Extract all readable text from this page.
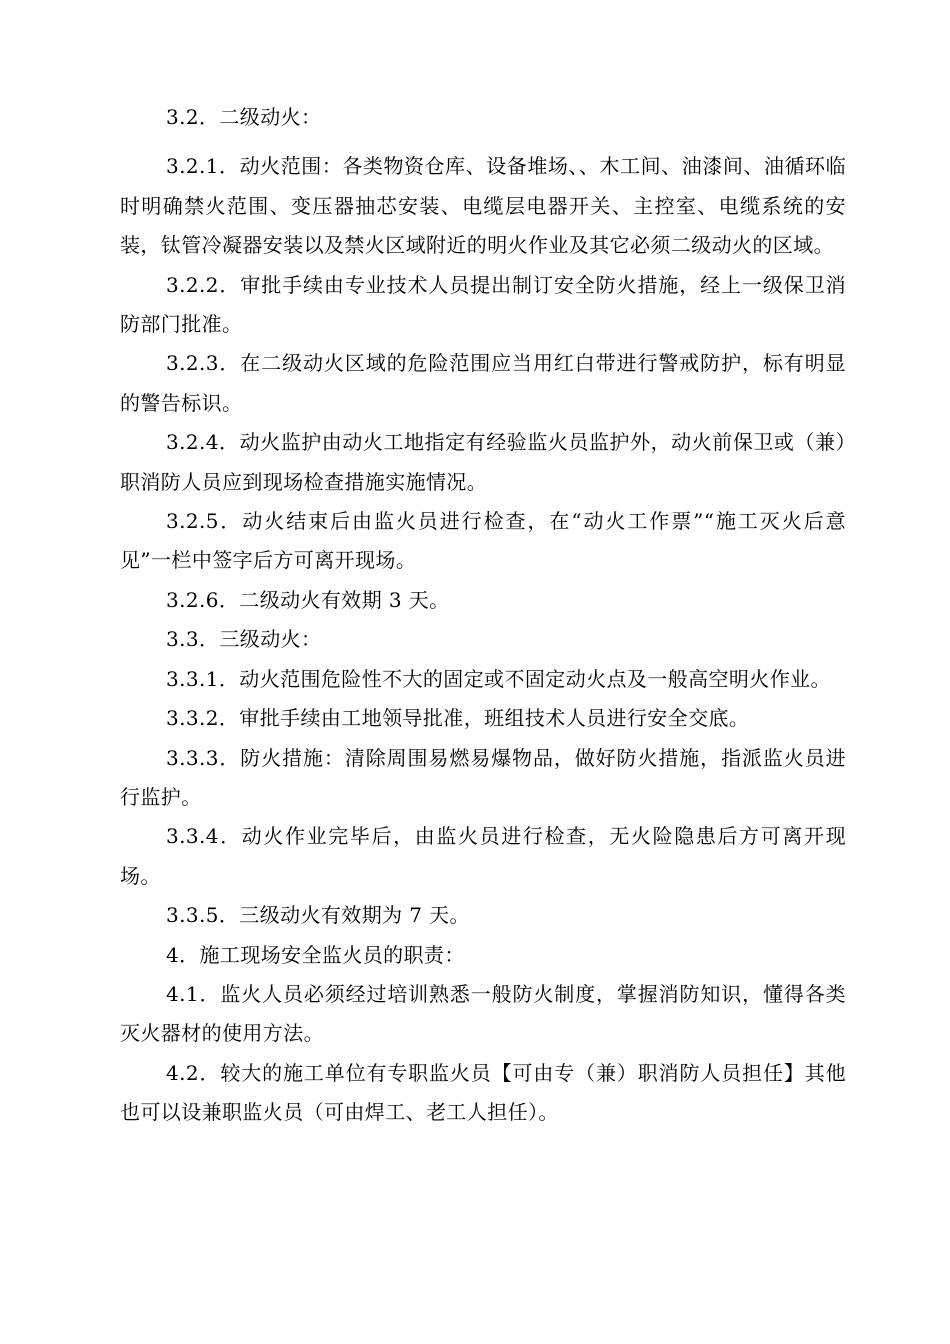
3.2．二级动火：

3.2.1．动火范围：各类物资仓库、设备堆场、、木工间、油漆间、油循环临时明确禁火范围、变压器抽芯安装、电缆层电器开关、主控室、电缆系统的安装，钛管冷凝器安装以及禁火区域附近的明火作业及其它必须二级动火的区域。

3.2.2．审批手续由专业技术人员提出制订安全防火措施，经上一级保卫消防部门批准。

3.2.3．在二级动火区域的危险范围应当用红白带进行警戒防护，标有明显的警告标识。

3.2.4．动火监护由动火工地指定有经验监火员监护外，动火前保卫或（兼）职消防人员应到现场检查措施实施情况。

3.2.5．动火结束后由监火员进行检查，在“动火工作票”“施工灭火后意见”一栏中签字后方可离开现场。

3.2.6．二级动火有效期 3 天。

3.3．三级动火：

3.3.1．动火范围危险性不大的固定或不固定动火点及一般高空明火作业。

3.3.2．审批手续由工地领导批准，班组技术人员进行安全交底。

3.3.3．防火措施：清除周围易燃易爆物品，做好防火措施，指派监火员进行监护。

3.3.4．动火作业完毕后，由监火员进行检查，无火险隐患后方可离开现场。

3.3.5．三级动火有效期为 7 天。

4．施工现场安全监火员的职责：

4.1．监火人员必须经过培训熟悉一般防火制度，掌握消防知识，懂得各类灭火器材的使用方法。

4.2．较大的施工单位有专职监火员【可由专（兼）职消防人员担任】其他也可以设兼职监火员（可由焊工、老工人担任）。
